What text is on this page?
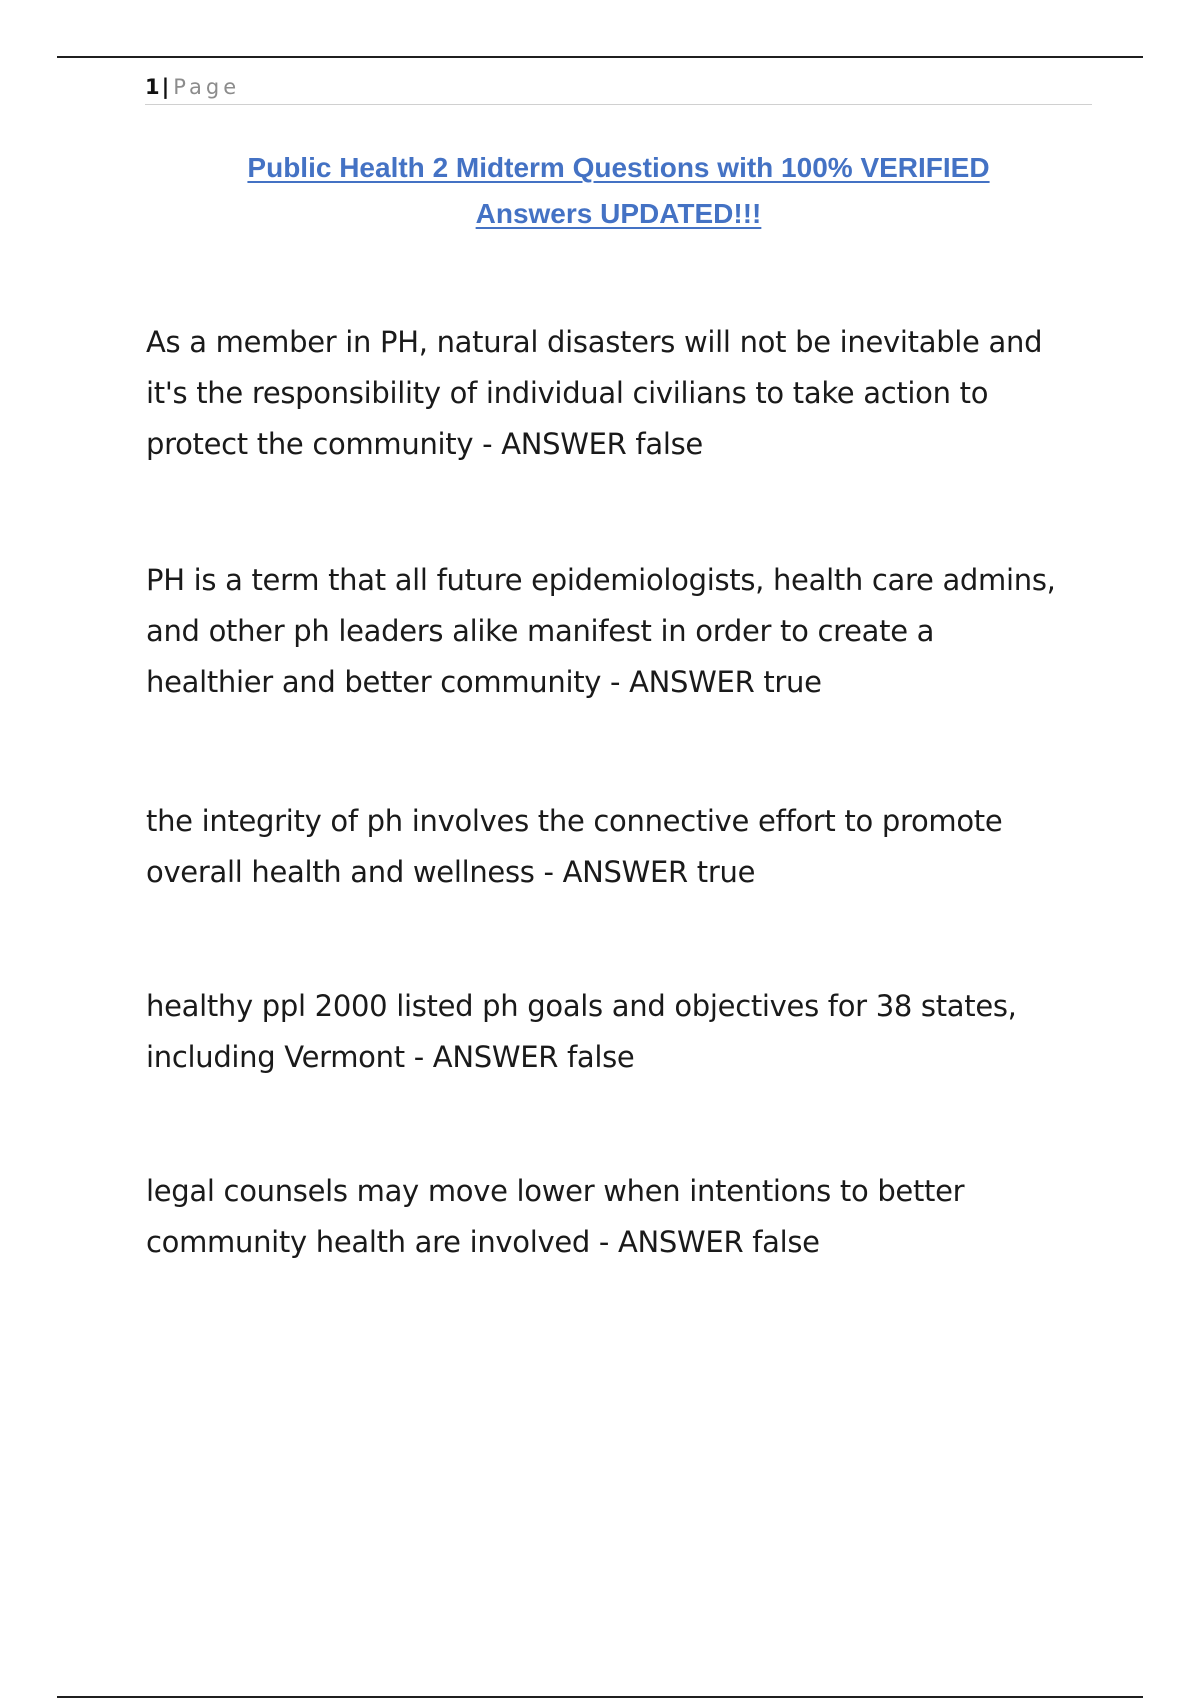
1| Page
Public Health 2 Midterm Questions with 100% VERIFIED
Answers UPDATED!!!

As a member in PH, natural disasters will not be inevitable and
it's the responsibility of individual civilians to take action to
protect the community - ANSWER false

PH is a term that all future epidemiologists, health care admins,
and other ph leaders alike manifest in order to create a
healthier and better community - ANSWER true

the integrity of ph involves the connective effort to promote
overall health and wellness - ANSWER true

healthy ppl 2000 listed ph goals and objectives for 38 states,
including Vermont - ANSWER false

legal counsels may move lower when intentions to better
community health are involved - ANSWER false
